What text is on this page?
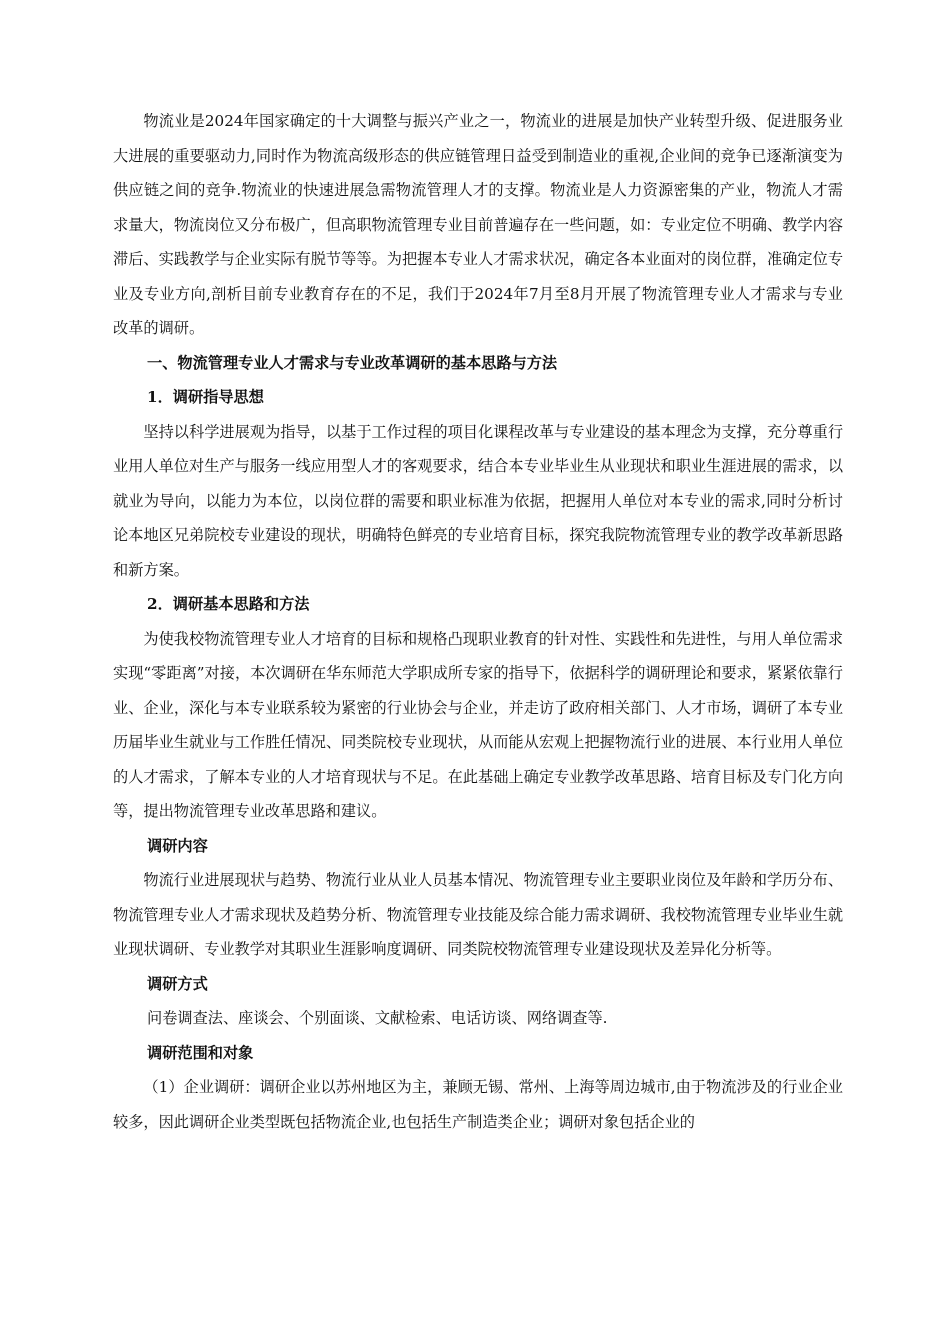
物流业是2024年国家确定的十大调整与振兴产业之一，物流业的进展是加快产业转型升级、促进服务业大进展的重要驱动力,同时作为物流高级形态的供应链管理日益受到制造业的重视,企业间的竞争已逐渐演变为供应链之间的竞争.物流业的快速进展急需物流管理人才的支撑。物流业是人力资源密集的产业，物流人才需求量大，物流岗位又分布极广，但高职物流管理专业目前普遍存在一些问题，如：专业定位不明确、教学内容滞后、实践教学与企业实际有脱节等等。为把握本专业人才需求状况，确定各本业面对的岗位群，准确定位专业及专业方向,剖析目前专业教育存在的不足，我们于2024年7月至8月开展了物流管理专业人才需求与专业改革的调研。

一、物流管理专业人才需求与专业改革调研的基本思路与方法

1．调研指导思想

坚持以科学进展观为指导，以基于工作过程的项目化课程改革与专业建设的基本理念为支撑，充分尊重行业用人单位对生产与服务一线应用型人才的客观要求，结合本专业毕业生从业现状和职业生涯进展的需求，以就业为导向，以能力为本位，以岗位群的需要和职业标准为依据，把握用人单位对本专业的需求,同时分析讨论本地区兄弟院校专业建设的现状，明确特色鲜亮的专业培育目标，探究我院物流管理专业的教学改革新思路和新方案。

2．调研基本思路和方法

为使我校物流管理专业人才培育的目标和规格凸现职业教育的针对性、实践性和先进性，与用人单位需求实现“零距离”对接，本次调研在华东师范大学职成所专家的指导下，依据科学的调研理论和要求，紧紧依靠行业、企业，深化与本专业联系较为紧密的行业协会与企业，并走访了政府相关部门、人才市场，调研了本专业历届毕业生就业与工作胜任情况、同类院校专业现状，从而能从宏观上把握物流行业的进展、本行业用人单位的人才需求，了解本专业的人才培育现状与不足。在此基础上确定专业教学改革思路、培育目标及专门化方向等，提出物流管理专业改革思路和建议。

调研内容

物流行业进展现状与趋势、物流行业从业人员基本情况、物流管理专业主要职业岗位及年龄和学历分布、物流管理专业人才需求现状及趋势分析、物流管理专业技能及综合能力需求调研、我校物流管理专业毕业生就业现状调研、专业教学对其职业生涯影响度调研、同类院校物流管理专业建设现状及差异化分析等。

调研方式

问卷调查法、座谈会、个别面谈、文献检索、电话访谈、网络调查等.

调研范围和对象

（1）企业调研：调研企业以苏州地区为主，兼顾无锡、常州、上海等周边城市,由于物流涉及的行业企业较多，因此调研企业类型既包括物流企业,也包括生产制造类企业；调研对象包括企业的
